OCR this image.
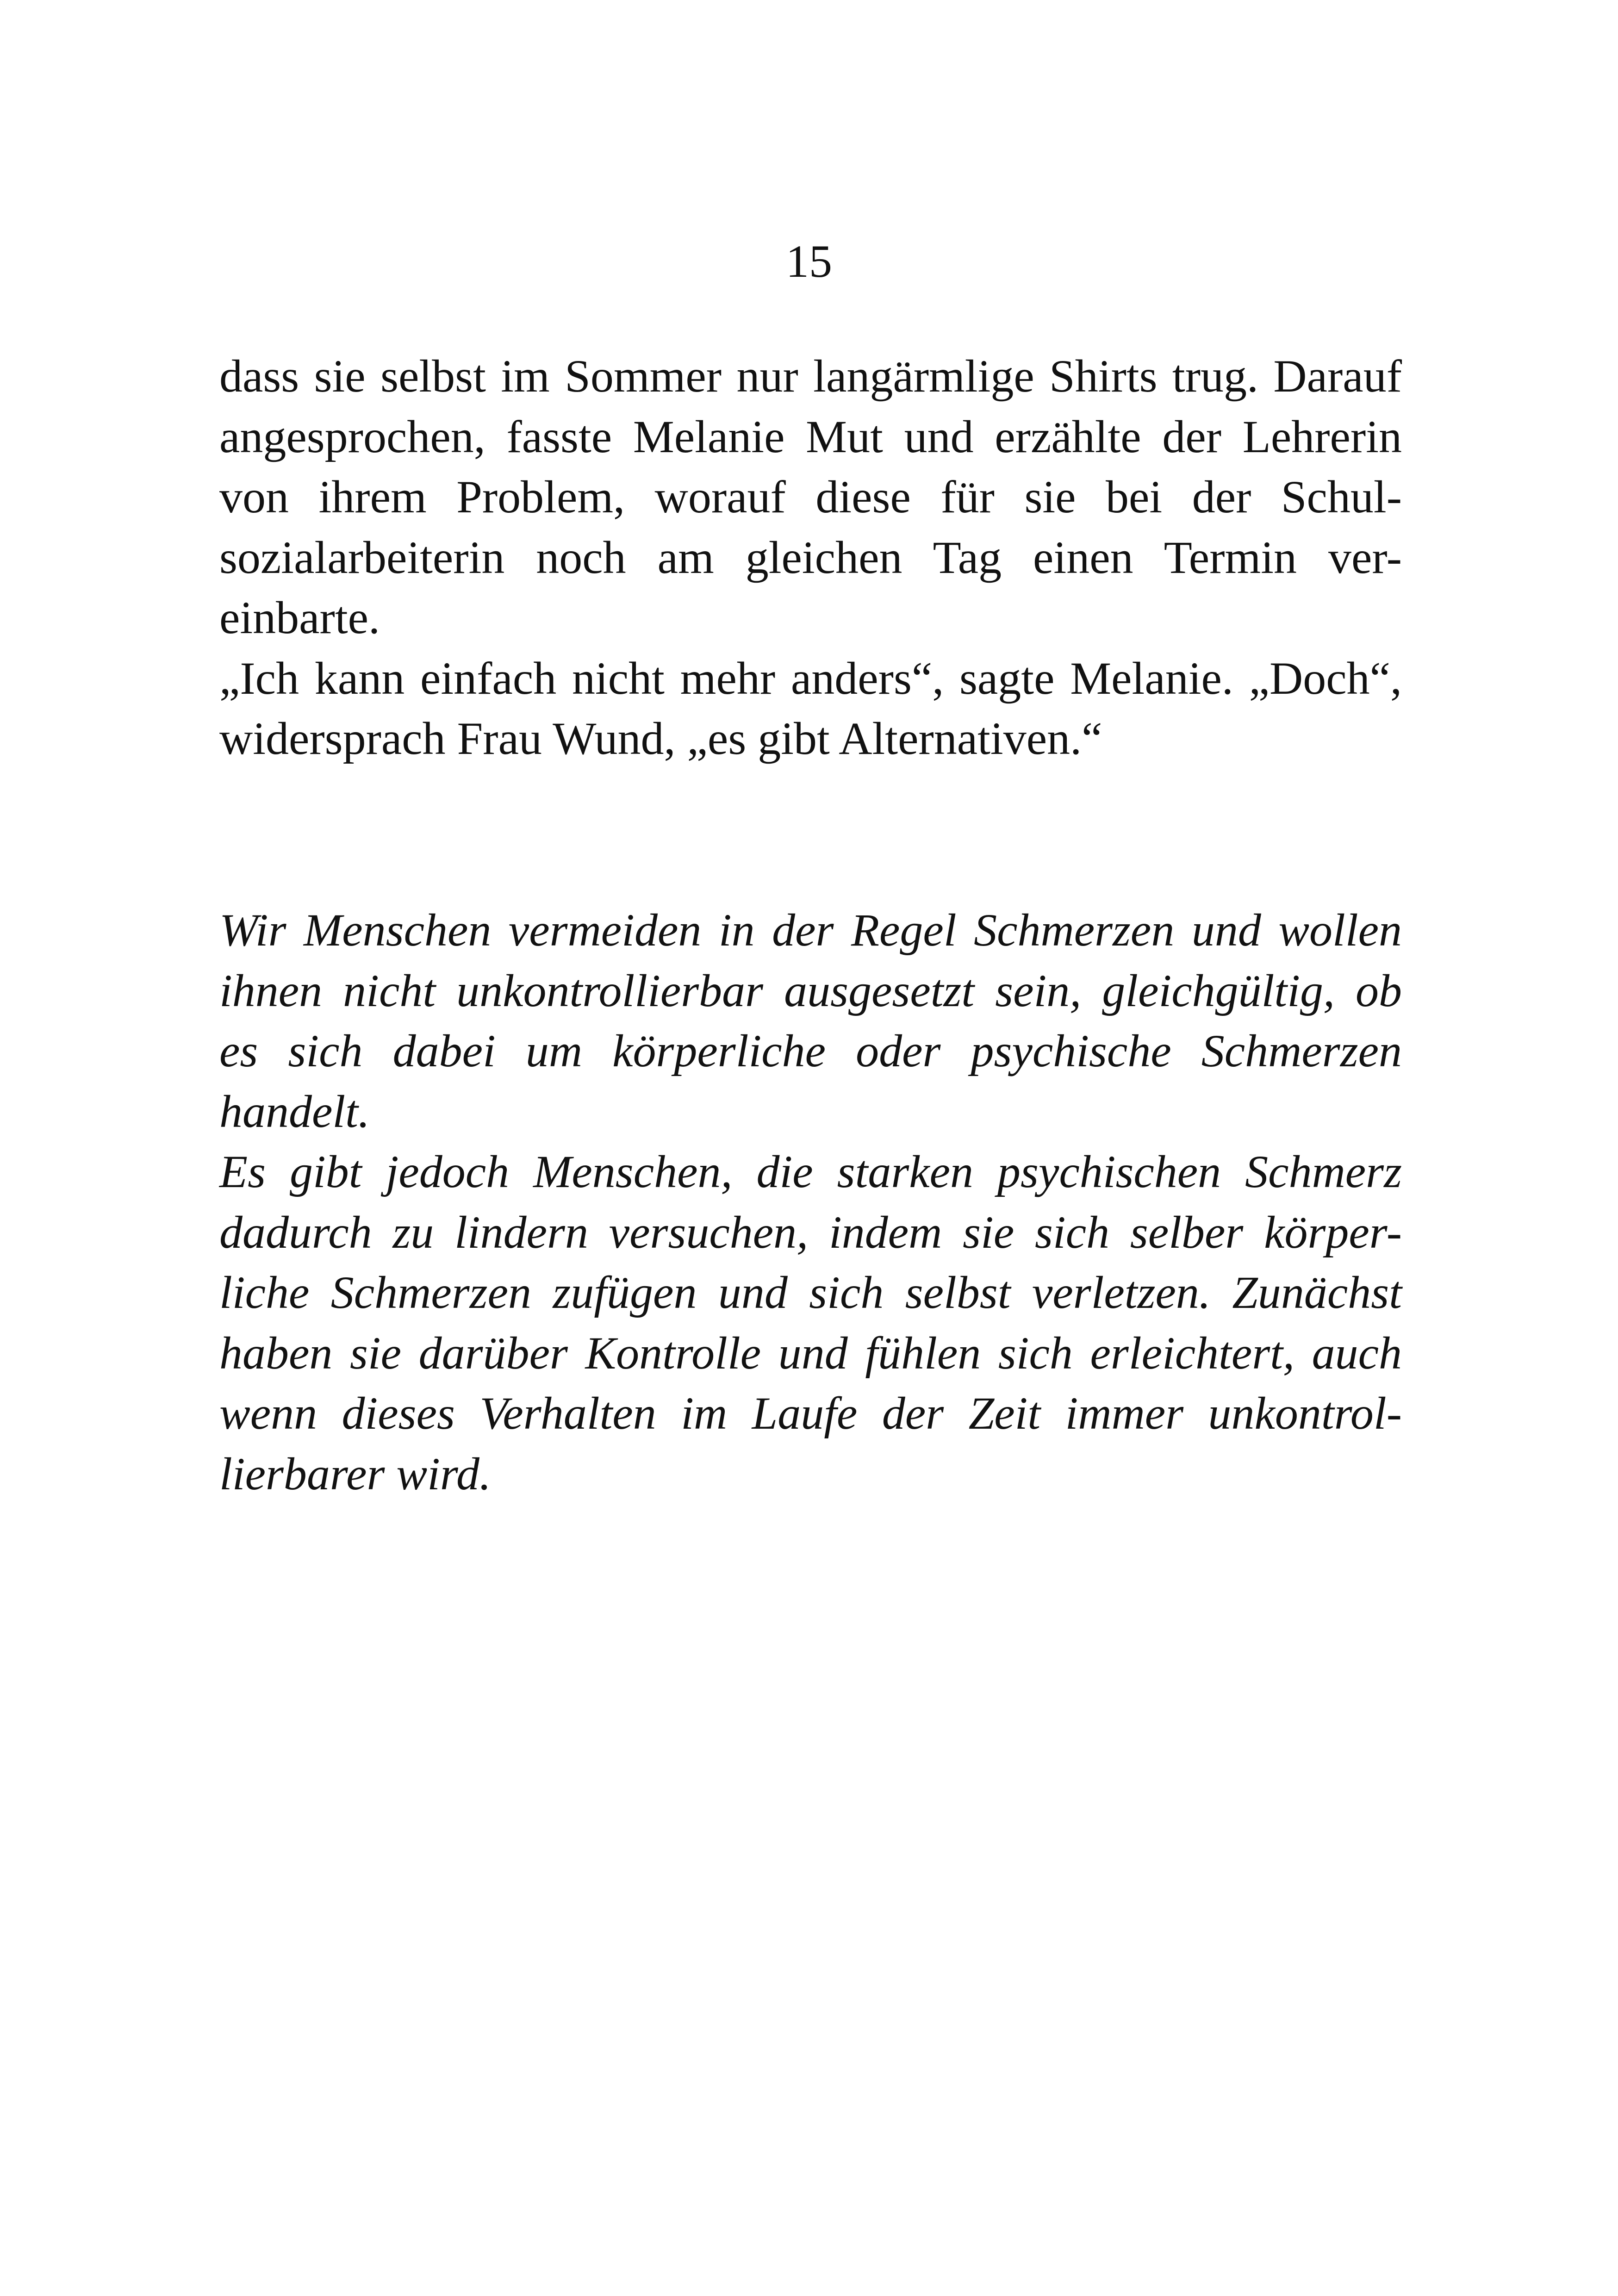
15
dass sie selbst im Sommer nur langärmlige Shirts trug. Darauf
angesprochen, fasste Melanie Mut und erzählte der Lehrerin
von ihrem Problem, worauf diese für sie bei der Schul-
sozialarbeiterin noch am gleichen Tag einen Termin ver-
einbarte.
„Ich kann einfach nicht mehr anders“, sagte Melanie. „Doch“,
widersprach Frau Wund, „es gibt Alternativen.“
Wir Menschen vermeiden in der Regel Schmerzen und wollen
ihnen nicht unkontrollierbar ausgesetzt sein, gleichgültig, ob
es sich dabei um körperliche oder psychische Schmerzen
handelt.
Es gibt jedoch Menschen, die starken psychischen Schmerz
dadurch zu lindern versuchen, indem sie sich selber körper-
liche Schmerzen zufügen und sich selbst verletzen. Zunächst
haben sie darüber Kontrolle und fühlen sich erleichtert, auch
wenn dieses Verhalten im Laufe der Zeit immer unkontrol-
lierbarer wird.
